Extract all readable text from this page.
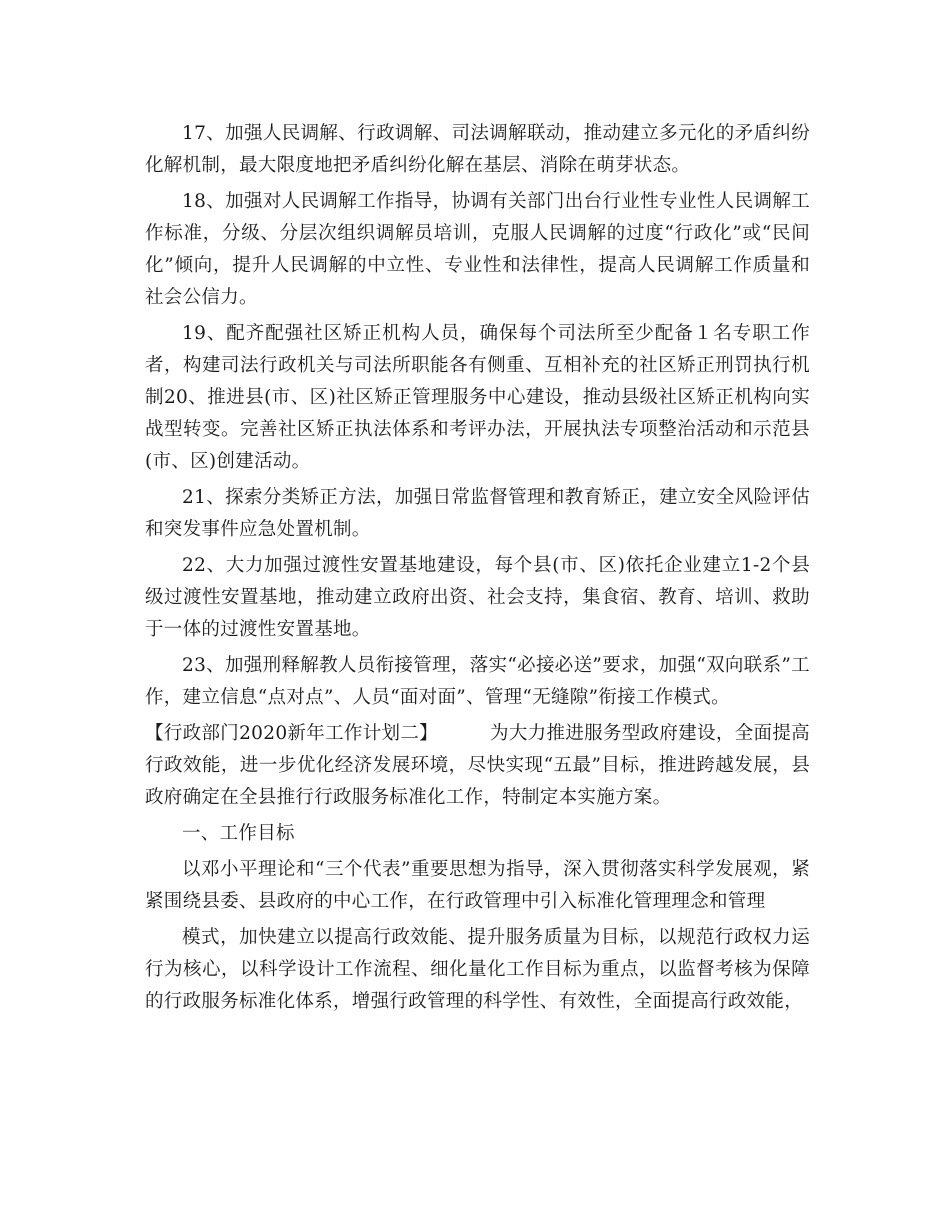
17、加强人民调解、行政调解、司法调解联动，推动建立多元化的矛盾纠纷化解机制，最大限度地把矛盾纠纷化解在基层、消除在萌芽状态。

18、加强对人民调解工作指导，协调有关部门出台行业性专业性人民调解工作标准，分级、分层次组织调解员培训，克服人民调解的过度“行政化”或“民间化”倾向，提升人民调解的中立性、专业性和法律性，提高人民调解工作质量和社会公信力。

19、配齐配强社区矫正机构人员，确保每个司法所至少配备１名专职工作者，构建司法行政机关与司法所职能各有侧重、互相补充的社区矫正刑罚执行机制20、推进县(市、区)社区矫正管理服务中心建设，推动县级社区矫正机构向实战型转变。完善社区矫正执法体系和考评办法，开展执法专项整治活动和示范县(市、区)创建活动。

21、探索分类矫正方法，加强日常监督管理和教育矫正，建立安全风险评估和突发事件应急处置机制。

22、大力加强过渡性安置基地建设，每个县(市、区)依托企业建立1-2个县级过渡性安置基地，推动建立政府出资、社会支持，集食宿、教育、培训、救助于一体的过渡性安置基地。

23、加强刑释解教人员衔接管理，落实“必接必送”要求，加强“双向联系”工作，建立信息“点对点”、人员“面对面”、管理“无缝隙”衔接工作模式。

【行政部门2020新年工作计划二】	为大力推进服务型政府建设，全面提高行政效能，进一步优化经济发展环境，尽快实现“五最”目标，推进跨越发展，县政府确定在全县推行行政服务标准化工作，特制定本实施方案。

一、工作目标

以邓小平理论和“三个代表”重要思想为指导，深入贯彻落实科学发展观，紧紧围绕县委、县政府的中心工作，在行政管理中引入标准化管理理念和管理

模式，加快建立以提高行政效能、提升服务质量为目标，以规范行政权力运行为核心，以科学设计工作流程、细化量化工作目标为重点，以监督考核为保障的行政服务标准化体系，增强行政管理的科学性、有效性，全面提高行政效能，
